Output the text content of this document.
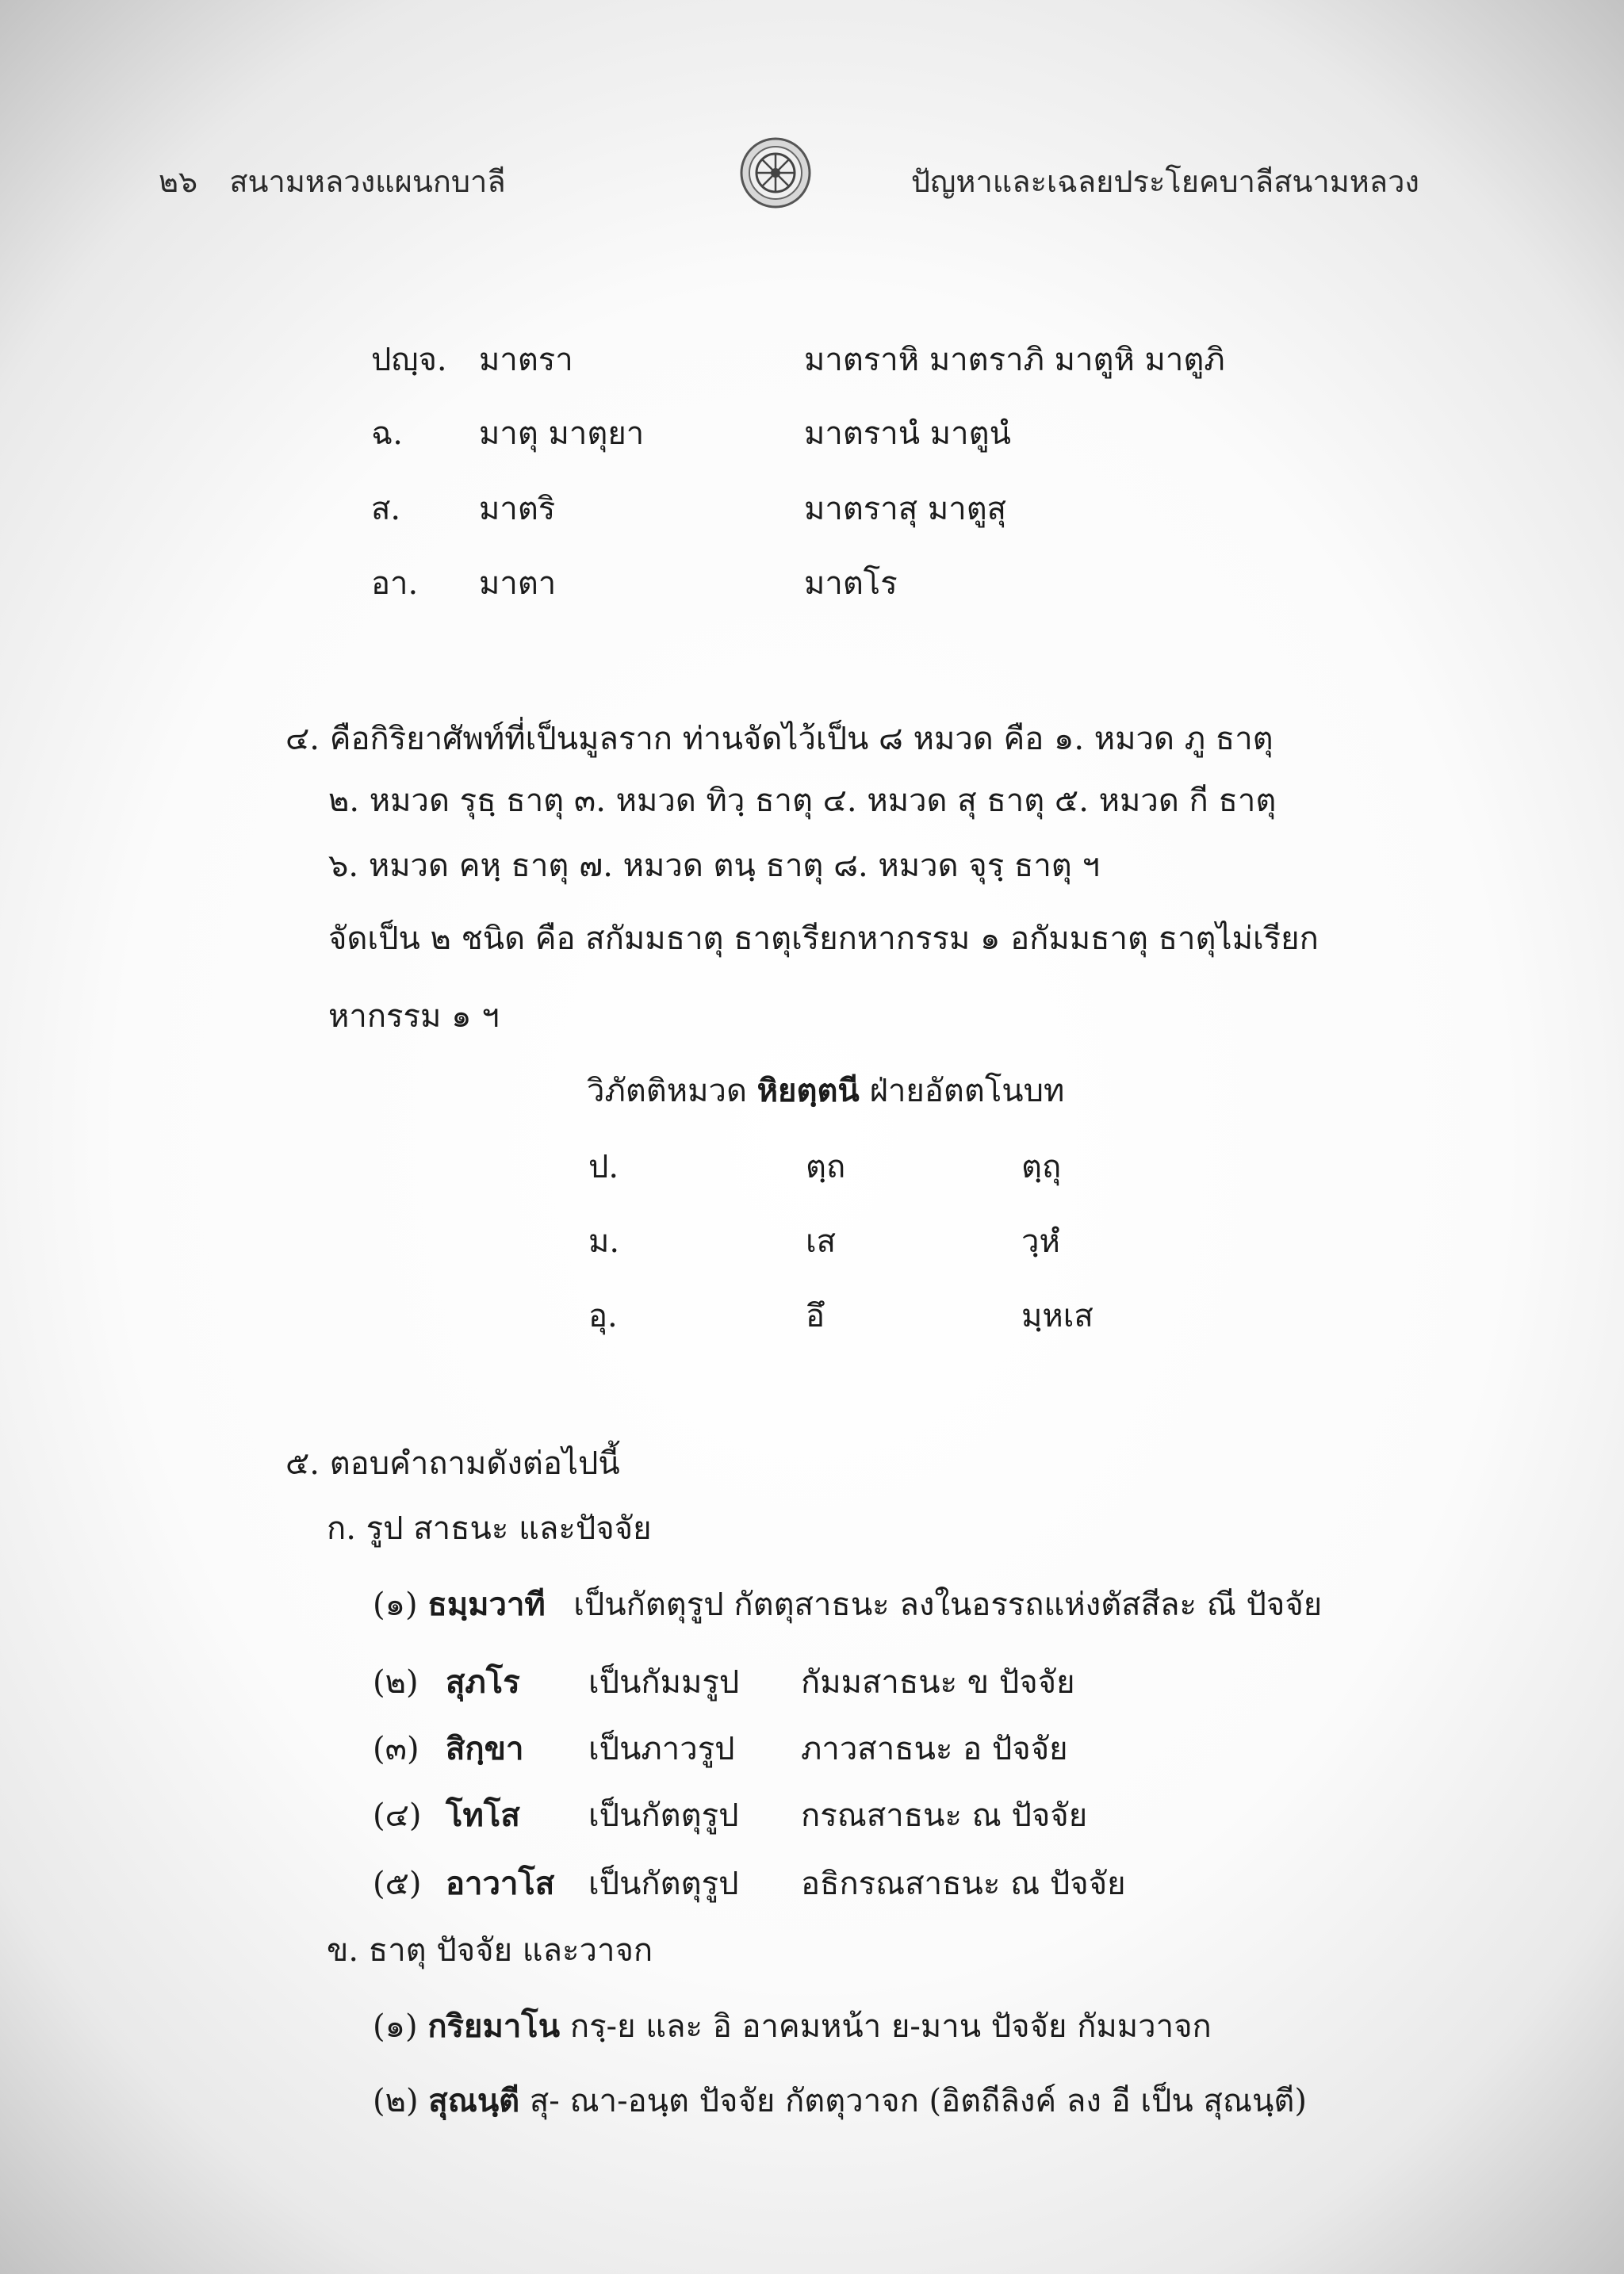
๒๖ สนามหลวงแผนกบาลี	ปัญหาและเฉลยประโยคบาลีสนามหลวง
ปญฺจ. มาตรา	มาตราหิ มาตราภิ มาตูหิ มาตูภิ
ฉ. มาตุ มาตุยา	มาตรานํ มาตูนํ
ส. มาตริ	มาตราสุ มาตูสุ
อา. มาตา	มาตโร
๔. คือกิริยาศัพท์ที่เป็นมูลราก ท่านจัดไว้เป็น ๘ หมวด คือ ๑. หมวด ภู ธาตุ
๒. หมวด รุธฺ ธาตุ ๓. หมวด ทิวฺ ธาตุ ๔. หมวด สุ ธาตุ ๕. หมวด กี ธาตุ
๖. หมวด คหฺ ธาตุ ๗. หมวด ตนฺ ธาตุ ๘. หมวด จุรฺ ธาตุ ฯ
จัดเป็น ๒ ชนิด คือ สกัมมธาตุ ธาตุเรียกหากรรม ๑ อกัมมธาตุ ธาตุไม่เรียก
หากรรม ๑ ฯ
วิภัตติหมวด หิยตฺตนี ฝ่ายอัตตโนบท
ป.	ตฺถ	ตฺถุ
ม.	เส	วฺหํ
อุ.	อึ	มฺหเส
๕. ตอบคำถามดังต่อไปนี้
ก. รูป สาธนะ และปัจจัย
(๑) ธมฺมวาที เป็นกัตตุรูป กัตตุสาธนะ ลงในอรรถแห่งตัสสีละ ณี ปัจจัย
(๒) สุภโร เป็นกัมมรูป กัมมสาธนะ ข ปัจจัย
(๓) สิกฺขา เป็นภาวรูป ภาวสาธนะ อ ปัจจัย
(๔) โทโส เป็นกัตตุรูป กรณสาธนะ ณ ปัจจัย
(๕) อาวาโส เป็นกัตตุรูป อธิกรณสาธนะ ณ ปัจจัย
ข. ธาตุ ปัจจัย และวาจก
(๑) กริยมาโน กรฺ-ย และ อิ อาคมหน้า ย-มาน ปัจจัย กัมมวาจก
(๒) สุณนฺตี สุ- ณา-อนฺต ปัจจัย กัตตุวาจก (อิตถีลิงค์ ลง อี เป็น สุณนฺตี)
